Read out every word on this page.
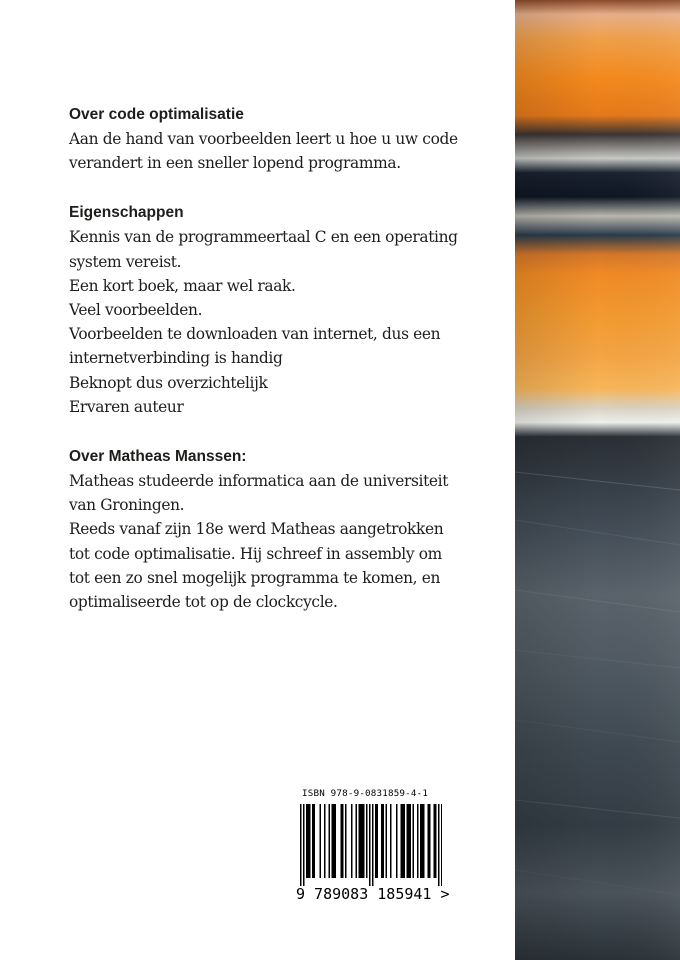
Over code optimalisatie

Aan de hand van voorbeelden leert u hoe u uw code

verandert in een sneller lopend programma.

Eigenschappen

Kennis van de programmeertaal C en een operating

system vereist.

Een kort boek, maar wel raak.

Veel voorbeelden.

Voorbeelden te downloaden van internet, dus een

internetverbinding is handig

Beknopt dus overzichtelijk

Ervaren auteur

Over Matheas Manssen:

Matheas studeerde informatica aan de universiteit

van Groningen.

Reeds vanaf zijn 18e werd Matheas aangetrokken

tot code optimalisatie. Hij schreef in assembly om

tot een zo snel mogelijk programma te komen, en

optimaliseerde tot op de clockcycle.

ISBN 978-9-0831859-4-1
9 789083 185941 >
